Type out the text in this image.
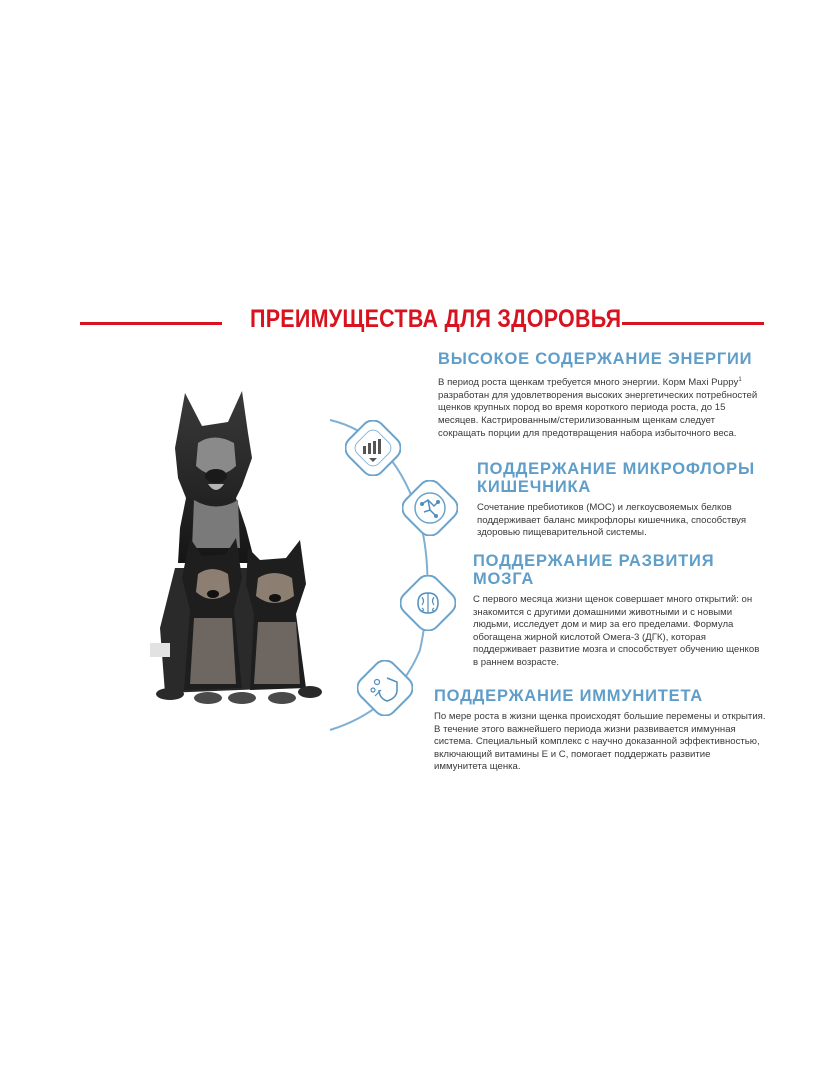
ПРЕИМУЩЕСТВА ДЛЯ ЗДОРОВЬЯ
ВЫСОКОЕ СОДЕРЖАНИЕ ЭНЕРГИИ
В период роста щенкам требуется много энергии. Корм Maxi Puppy$^1$ разработан для удовлетворения высоких энергетических потребностей щенков крупных пород во время короткого периода роста, до 15 месяцев. Кастрированным/стерилизованным щенкам следует сокращать порции для предотвращения набора избыточного веса.
ПОДДЕРЖАНИЕ МИКРОФЛОРЫ
КИШЕЧНИКА
Сочетание пребиотиков (МОС) и легкоусвояемых белков поддерживает баланс микрофлоры кишечника, способствуя здоровью пищеварительной системы.
ПОДДЕРЖАНИЕ РАЗВИТИЯ
МОЗГА
С первого месяца жизни щенок совершает много открытий: он знакомится с другими домашними животными и с новыми людьми, исследует дом и мир за его пределами. Формула обогащена жирной кислотой Омега-3 (ДГК), которая поддерживает развитие мозга и способствует обучению щенков в раннем возрасте.
ПОДДЕРЖАНИЕ ИММУНИТЕТА
По мере роста в жизни щенка происходят большие перемены и открытия. В течение этого важнейшего периода жизни развивается иммунная система. Специальный комплекс с научно доказанной эффективностью, включающий витамины Е и С, помогает поддержать развитие иммунитета щенка.
